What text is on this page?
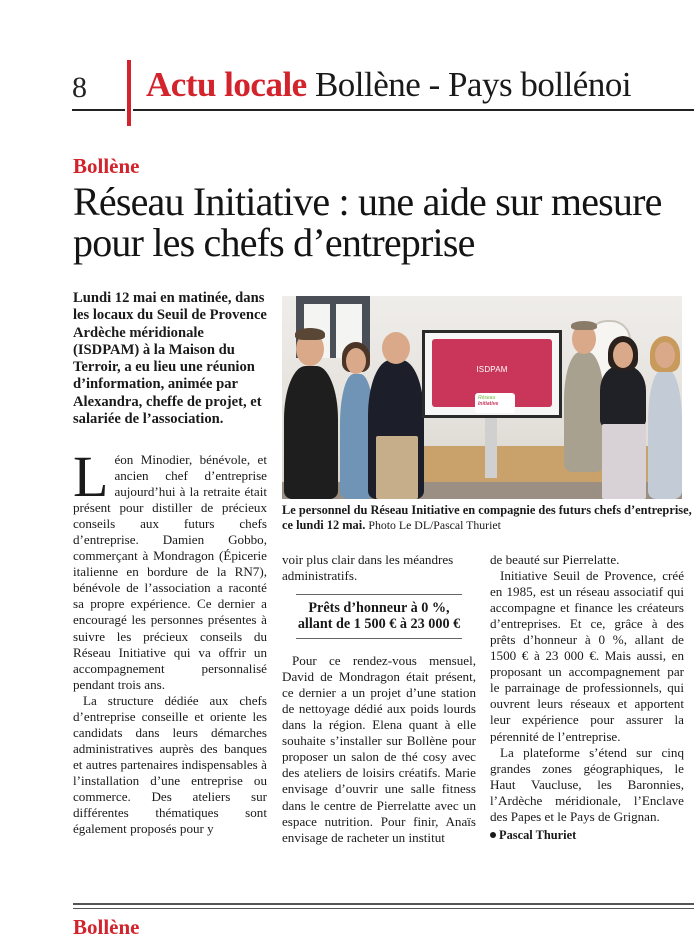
8 Actu locale Bollène - Pays bollénoi
Bollène
Réseau Initiative : une aide sur mesure pour les chefs d’entreprise
Lundi 12 mai en matinée, dans les locaux du Seuil de Provence Ardèche méridionale (ISDPAM) à la Maison du Terroir, a eu lieu une réunion d’information, animée par Alexandra, cheffe de projet, et salariée de l’association.
ISDPAM
Réseau
Initiative
Le personnel du Réseau Initiative en compagnie des futurs chefs d’entreprise, ce lundi 12 mai. Photo Le DL/Pascal Thuriet

Léon Minodier, bénévole, et ancien chef d’entreprise aujourd’hui à la retraite était présent pour distiller de précieux conseils aux futurs chefs d’entreprise. Damien Gobbo, commerçant à Mondragon (Épicerie italienne en bordure de la RN7), bénévole de l’association a raconté sa propre expérience. Ce dernier a encouragé les personnes présentes à suivre les précieux conseils du Réseau Initiative qui va offrir un accompagnement personnalisé pendant trois ans.

La structure dédiée aux chefs d’entreprise conseille et oriente les candidats dans leurs démarches administratives auprès des banques et autres partenaires indispensables à l’installation d’une entreprise ou commerce. Des ateliers sur différentes thématiques sont également proposés pour y

voir plus clair dans les méandres administratifs.

Prêts d’honneur à 0 %, allant de 1 500 € à 23 000 €

Pour ce rendez-vous mensuel, David de Mondragon était présent, ce dernier a un projet d’une station de nettoyage dédié aux poids lourds dans la région. Elena quant à elle souhaite s’installer sur Bollène pour proposer un salon de thé cosy avec des ateliers de loisirs créatifs. Marie envisage d’ouvrir une salle fitness dans le centre de Pierrelatte avec un espace nutrition. Pour finir, Anaïs envisage de racheter un institut

de beauté sur Pierrelatte.

Initiative Seuil de Provence, créé en 1985, est un réseau associatif qui accompagne et finance les créateurs d’entreprises. Et ce, grâce à des prêts d’honneur à 0 %, allant de 1500 € à 23 000 €. Mais aussi, en proposant un accompagnement par le parrainage de professionnels, qui ouvrent leurs réseaux et apportent leur expérience pour assurer la pérennité de l’entreprise.

La plateforme s’étend sur cinq grandes zones géographiques, le Haut Vaucluse, les Baronnies, l’Ardèche méridionale, l’Enclave des Papes et le Pays de Grignan.

Pascal Thuriet
Bollène
